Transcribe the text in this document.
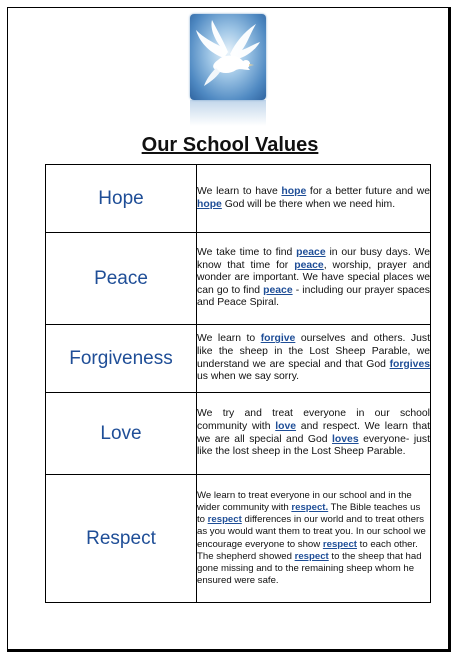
Our School Values
Hope	We learn to have hope for a better future and we hope God will be there when we need him.
Peace	We take time to find peace in our busy days. We know that time for peace, worship, prayer and wonder are important. We have special places we can go to find peace - including our prayer spaces and Peace Spiral.
Forgiveness	We learn to forgive ourselves and others. Just like the sheep in the Lost Sheep Parable, we understand we are special and that God forgives us when we say sorry.
Love	We try and treat everyone in our school community with love and respect. We learn that we are all special and God loves everyone- just like the lost sheep in the Lost Sheep Parable.
Respect	We learn to treat everyone in our school and in the wider community with respect. The Bible teaches us to respect differences in our world and to treat others as you would want them to treat you. In our school we encourage everyone to show respect to each other. The shepherd showed respect to the sheep that had gone missing and to the remaining sheep whom he ensured were safe.
